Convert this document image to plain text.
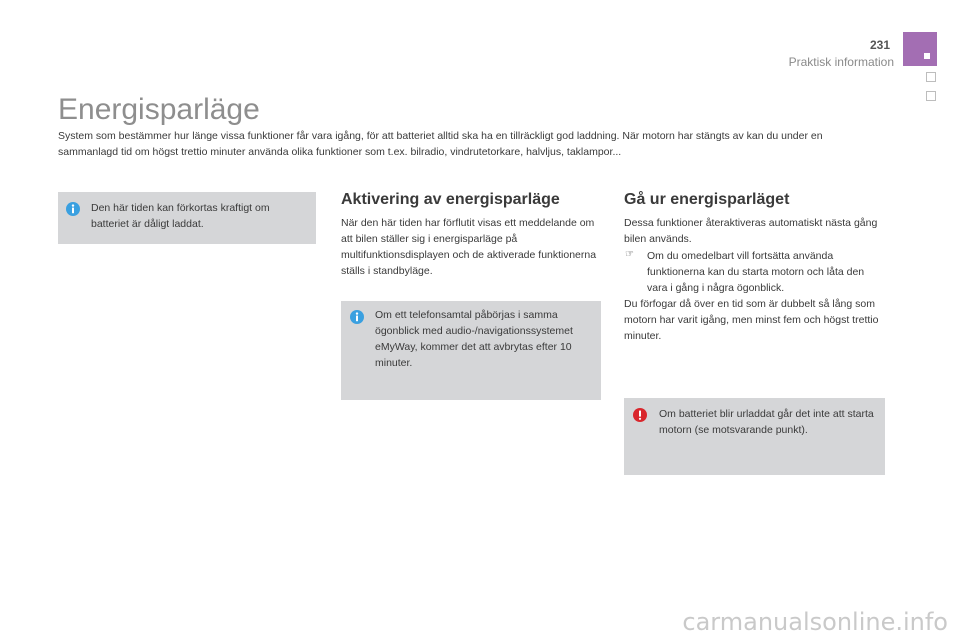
231
Praktisk information
Energisparläge

System som bestämmer hur länge vissa funktioner får vara igång, för att batteriet alltid ska ha en tillräckligt god laddning. När motorn har stängts av kan du under en sammanlagd tid om högst trettio minuter använda olika funktioner som t.ex. bilradio, vindrutetorkare, halvljus, taklampor...

Den här tiden kan förkortas kraftigt om batteriet är dåligt laddat.

Aktivering av energisparläge

När den här tiden har förflutit visas ett meddelande om att bilen ställer sig i energisparläge på multifunktionsdisplayen och de aktiverade funktionerna ställs i standbyläge.

Om ett telefonsamtal påbörjas i samma ögonblick med audio-/navigationssystemet eMyWay, kommer det att avbrytas efter 10 minuter.

Gå ur energisparläget

Dessa funktioner återaktiveras automatiskt nästa gång bilen används.

☞ Om du omedelbart vill fortsätta använda funktionerna kan du starta motorn och låta den vara i gång i några ögonblick.

Du förfogar då över en tid som är dubbelt så lång som motorn har varit igång, men minst fem och högst trettio minuter.

Om batteriet blir urladdat går det inte att starta motorn (se motsvarande punkt).

carmanualsonline.info
